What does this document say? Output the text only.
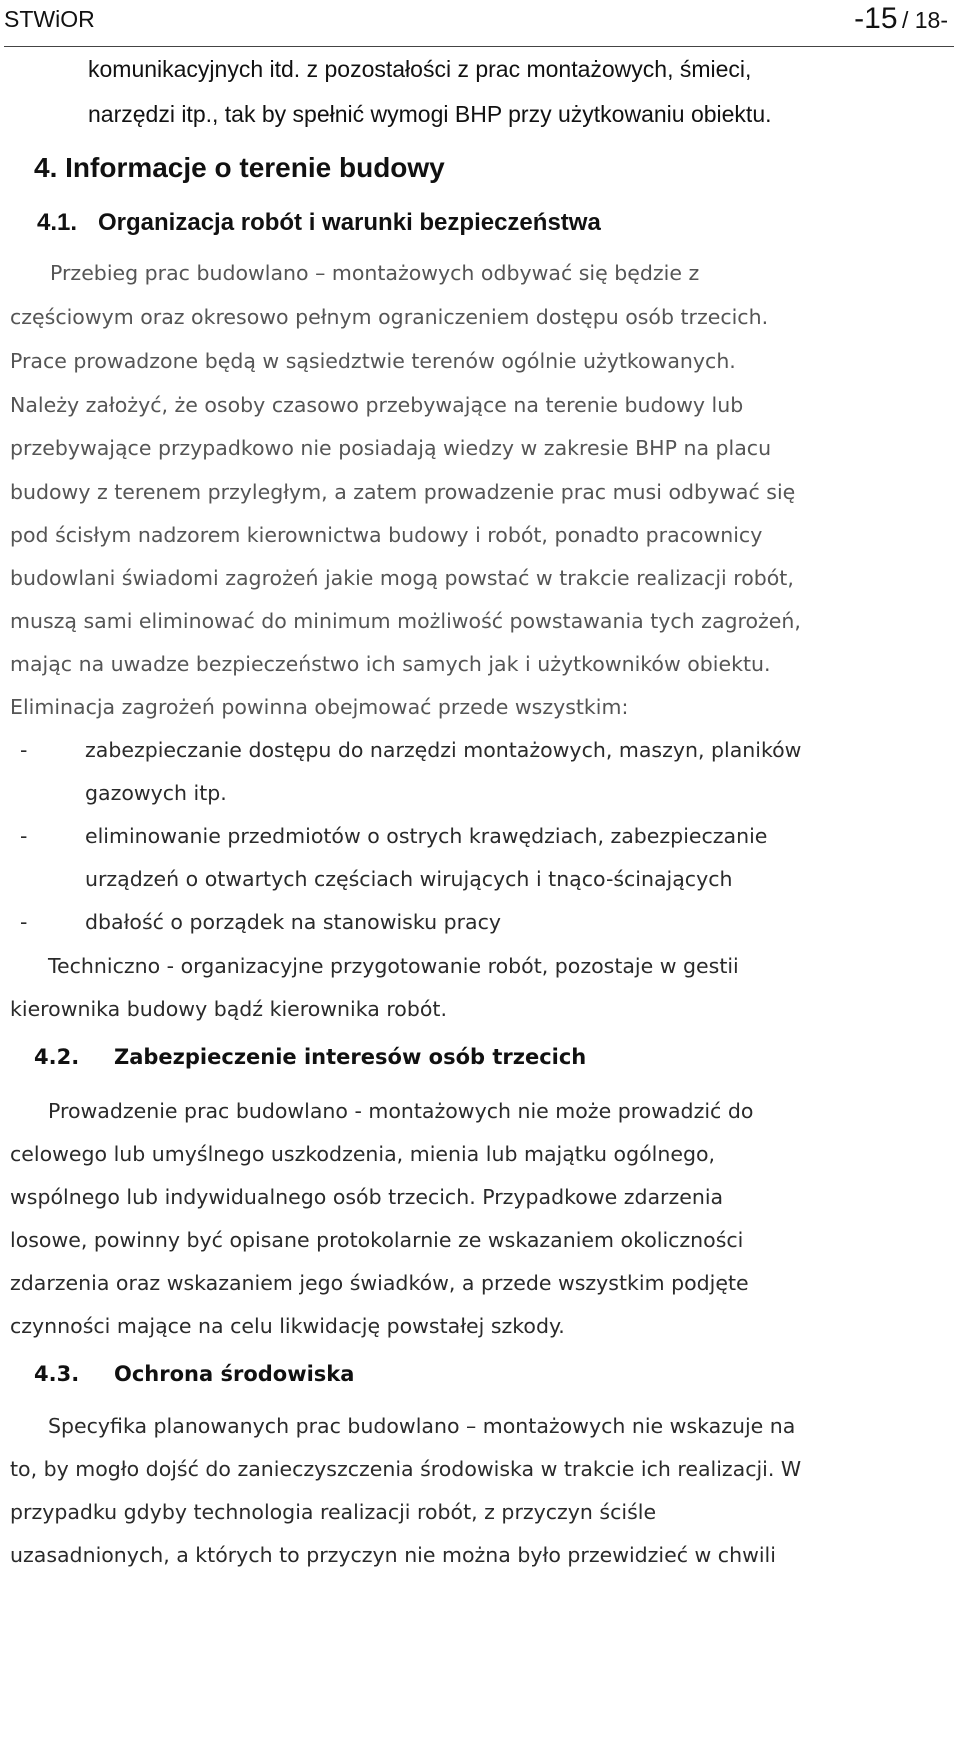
STWiOR	-15 / 18-
komunikacyjnych itd. z pozostałości z prac montażowych, śmieci,
narzędzi itp., tak by spełnić wymogi BHP przy użytkowaniu obiektu.
4. Informacje o terenie budowy
4.1. Organizacja robót i warunki bezpieczeństwa
Przebieg prac budowlano – montażowych odbywać się będzie z
częściowym oraz okresowo pełnym ograniczeniem dostępu osób trzecich.
Prace prowadzone będą w sąsiedztwie terenów ogólnie użytkowanych.
Należy założyć, że osoby czasowo przebywające na terenie budowy lub
przebywające przypadkowo nie posiadają wiedzy w zakresie BHP na placu
budowy z terenem przyległym, a zatem prowadzenie prac musi odbywać się
pod ścisłym nadzorem kierownictwa budowy i robót, ponadto pracownicy
budowlani świadomi zagrożeń jakie mogą powstać w trakcie realizacji robót,
muszą sami eliminować do minimum możliwość powstawania tych zagrożeń,
mając na uwadze bezpieczeństwo ich samych jak i użytkowników obiektu.
Eliminacja zagrożeń powinna obejmować przede wszystkim:
-	zabezpieczanie dostępu do narzędzi montażowych, maszyn, planików
gazowych itp.
-	eliminowanie przedmiotów o ostrych krawędziach, zabezpieczanie
urządzeń o otwartych częściach wirujących i tnąco-ścinających
-	dbałość o porządek na stanowisku pracy
Techniczno - organizacyjne przygotowanie robót, pozostaje w gestii
kierownika budowy bądź kierownika robót.
4.2. Zabezpieczenie interesów osób trzecich
Prowadzenie prac budowlano - montażowych nie może prowadzić do
celowego lub umyślnego uszkodzenia, mienia lub majątku ogólnego,
wspólnego lub indywidualnego osób trzecich. Przypadkowe zdarzenia
losowe, powinny być opisane protokolarnie ze wskazaniem okoliczności
zdarzenia oraz wskazaniem jego świadków, a przede wszystkim podjęte
czynności mające na celu likwidację powstałej szkody.
4.3. Ochrona środowiska
Specyfika planowanych prac budowlano – montażowych nie wskazuje na
to, by mogło dojść do zanieczyszczenia środowiska w trakcie ich realizacji. W
przypadku gdyby technologia realizacji robót, z przyczyn ściśle
uzasadnionych, a których to przyczyn nie można było przewidzieć w chwili
